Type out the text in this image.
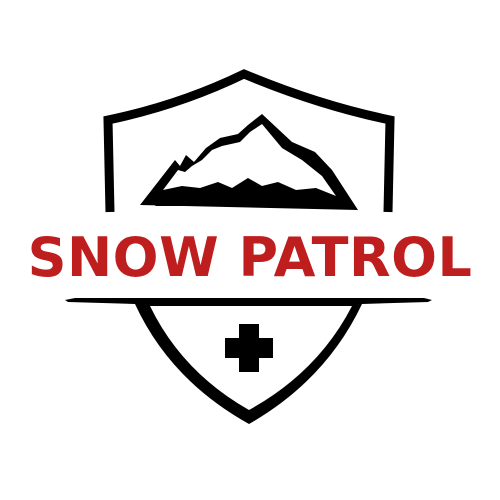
SNOW PATROL
